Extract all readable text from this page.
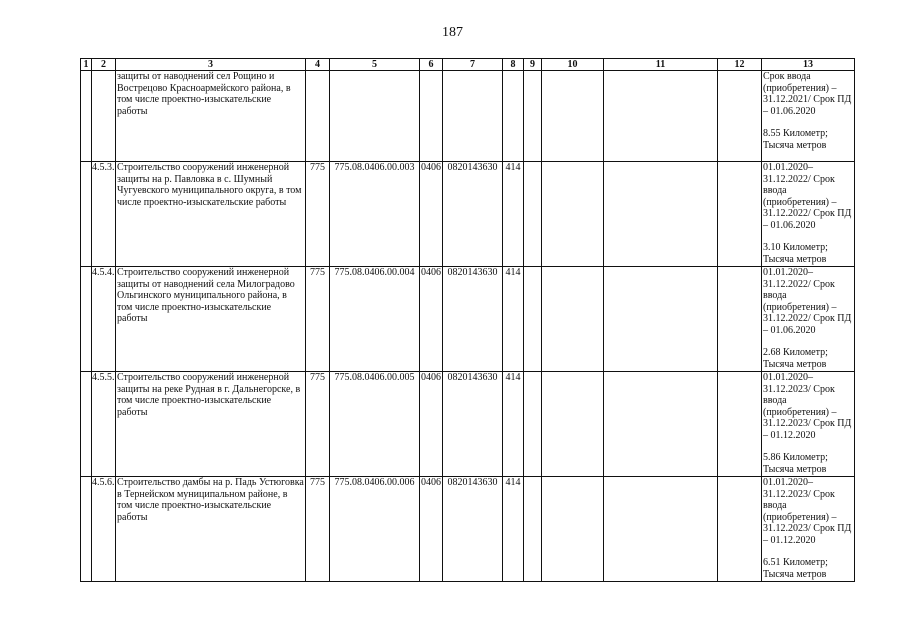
187
1	2	3	4	5	6	7	8	9	10	11	12	13
		защиты от наводнений сел Рощино и Вострецово Красноармейского района, в том числе проектно-изыскательские работы										Срок ввода (приобретения) – 31.12.2021/ Срок ПД – 01.06.2020
8.55 Километр; Тысяча метров

	4.5.3.	Строительство сооружений инженерной защиты на р. Павловка в с. Шумный Чугуевского муниципального округа, в том числе проектно-изыскательские работы	775	775.08.0406.00.003	0406	0820143630	414					01.01.2020–31.12.2022/ Срок ввода (приобретения) – 31.12.2022/ Срок ПД – 01.06.2020
3.10 Километр; Тысяча метров

	4.5.4.	Строительство сооружений инженерной защиты от наводнений села Милоградово Ольгинского муниципального района, в том числе проектно-изыскательские работы	775	775.08.0406.00.004	0406	0820143630	414					01.01.2020–31.12.2022/ Срок ввода (приобретения) – 31.12.2022/ Срок ПД – 01.06.2020
2.68 Километр; Тысяча метров

	4.5.5.	Строительство сооружений инженерной защиты на реке Рудная в г. Дальнегорске, в том числе проектно-изыскательские работы	775	775.08.0406.00.005	0406	0820143630	414					01.01.2020–31.12.2023/ Срок ввода (приобретения) – 31.12.2023/ Срок ПД – 01.12.2020
5.86 Километр; Тысяча метров

	4.5.6.	Строительство дамбы на р. Падь Устюговка в Тернейском муниципальном районе, в том числе проектно-изыскательские работы	775	775.08.0406.00.006	0406	0820143630	414					01.01.2020–31.12.2023/ Срок ввода (приобретения) – 31.12.2023/ Срок ПД – 01.12.2020
6.51 Километр; Тысяча метров
